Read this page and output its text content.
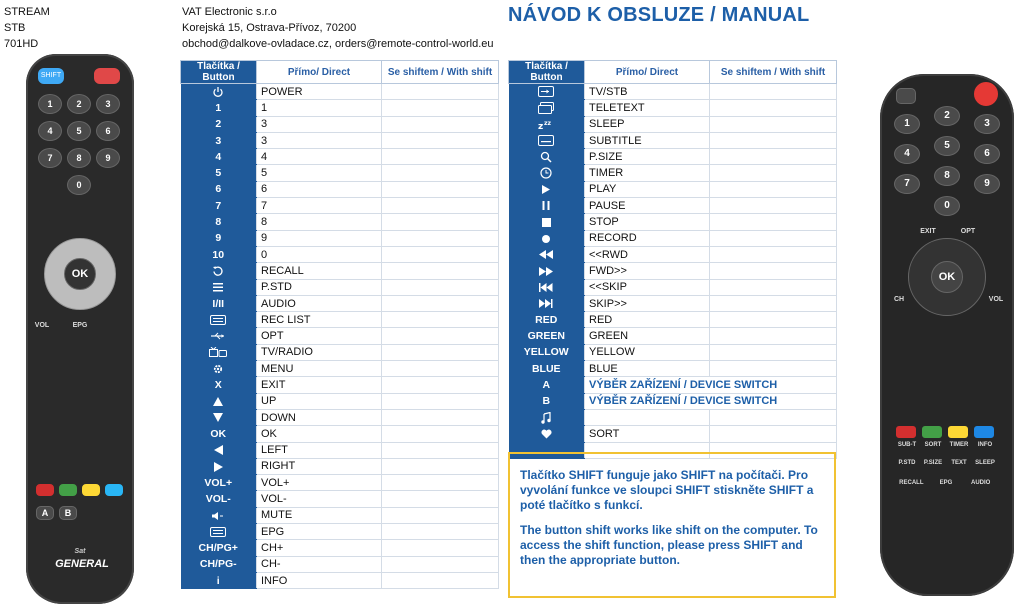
STREAM
STB
701HD
VAT Electronic s.r.o
Korejská 15, Ostrava-Přívoz, 70200
obchod@dalkove-ovladace.cz, orders@remote-control-world.eu
NÁVOD K OBSLUZE / MANUAL
Tlačítka / Button	Přímo/ Direct	Se shiftem / With shift
	POWER	
1	1	
2	3	
3	3	
4	4	
5	5	
6	6	
7	7	
8	8	
9	9	
10	0	
	RECALL	
	P.STD	
I/II	AUDIO	
	REC LIST	
	OPT	
	TV/RADIO	
	MENU	
X	EXIT	
	UP	
	DOWN	
OK	OK	
	LEFT	
	RIGHT	
VOL+	VOL+	
VOL-	VOL-	
	MUTE	
	EPG	
CH/PG+	CH+	
CH/PG-	CH-	
i	INFO	
Tlačítka / Button	Přímo/ Direct	Se shiftem / With shift
	TV/STB	
	TELETEXT	

z zz	SLEEP	
	SUBTITLE	
	P.SIZE	
	TIMER	
	PLAY	
	PAUSE	
	STOP	
	RECORD	
	<<RWD	
	FWD>>	
	<<SKIP	
	SKIP>>	
RED	RED	
GREEN	GREEN	
YELLOW	YELLOW	
BLUE	BLUE	
A	VÝBĚR ZAŘÍZENÍ / DEVICE SWITCH	
B	VÝBĚR ZAŘÍZENÍ / DEVICE SWITCH	

	SORT	

Tlačítko SHIFT funguje jako SHIFT na počítači. Pro vyvolání funkce ve sloupci SHIFT stiskněte SHIFT a poté tlačítko s funkcí.

The button shift works like shift on the computer. To access the shift function, please press SHIFT and then the appropriate button.

SHIFT
1	2	3
4	5	6
7	8	9
0
OK
VOL	EPG
A	B
Sat
GENERAL
1
2
3
4
5
6
7
8
9
0
OK
EXIT	OPT
CH	VOL
SUB-T	SORT	TIMER	INFO
P.STD	P.SIZE	TEXT	SLEEP
RECALL	EPG	AUDIO
